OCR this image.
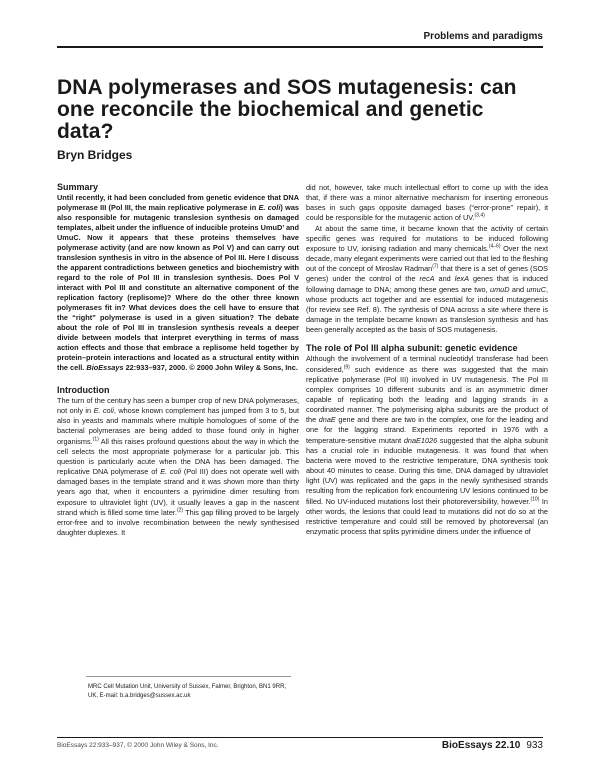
Problems and paradigms
DNA polymerases and SOS mutagenesis: can one reconcile the biochemical and genetic data?
Bryn Bridges
Summary

Until recently, it had been concluded from genetic evidence that DNA polymerase III (Pol III, the main replicative polymerase in E. coli) was also responsible for mutagenic translesion synthesis on damaged templates, albeit under the influence of inducible proteins UmuD’ and UmuC. Now it appears that these proteins themselves have polymerase activity (and are now known as Pol V) and can carry out translesion synthesis in vitro in the absence of Pol III. Here I discuss the apparent contradictions between genetics and biochemistry with regard to the role of Pol III in translesion synthesis. Does Pol V interact with Pol III and constitute an alternative component of the replication factory (replisome)? Where do the other three known polymerases fit in? What devices does the cell have to ensure that the “right” polymerase is used in a given situation? The debate about the role of Pol III in translesion synthesis reveals a deeper divide between models that interpret everything in terms of mass action effects and those that embrace a replisome held together by protein–protein interactions and located as a structural entity within the cell. BioEssays 22:933–937, 2000. © 2000 John Wiley & Sons, Inc.

Introduction

The turn of the century has seen a bumper crop of new DNA polymerases, not only in E. coli, whose known complement has jumped from 3 to 5, but also in yeasts and mammals where multiple homologues of some of the bacterial polymerases are being added to those found only in higher organisms.$^{(1)}$ All this raises profound questions about the way in which the cell selects the most appropriate polymerase for a particular job. This question is particularly acute when the DNA has been damaged. The replicative DNA polymerase of E. coli (Pol III) does not operate well with damaged bases in the template strand and it was shown more than thirty years ago that, when it encounters a pyrimidine dimer resulting from exposure to ultraviolet light (UV), it usually leaves a gap in the nascent strand which is filled some time later.$^{(2)}$ This gap filling proved to be largely error-free and to involve recombination between the newly synthesised daughter duplexes. It

MRC Cell Mutation Unit, University of Sussex, Falmer, Brighton, BN1 9RR, UK. E-mail: b.a.bridges@sussex.ac.uk

did not, however, take much intellectual effort to come up with the idea that, if there was a minor alternative mechanism for inserting erroneous bases in such gaps opposite damaged bases (“error-prone” repair), it could be responsible for the mutagenic action of UV.$^{(3,4)}$

At about the same time, it became known that the activity of certain specific genes was required for mutations to be induced following exposure to UV, ionising radiation and many chemicals.$^{(4-6)}$ Over the next decade, many elegant experiments were carried out that led to the fleshing out of the concept of Miroslav Radman$^{(7)}$ that there is a set of genes (SOS genes) under the control of the recA and lexA genes that is induced following damage to DNA; among these genes are two, umuD and umuC, whose products act together and are essential for induced mutagenesis (for review see Ref. 8). The synthesis of DNA across a site where there is damage in the template became known as translesion synthesis and has been generally accepted as the basis of SOS mutagenesis.

The role of Pol III alpha subunit: genetic evidence

Although the involvement of a terminal nucleotidyl transferase had been considered,$^{(9)}$ such evidence as there was suggested that the main replicative polymerase (Pol III) involved in UV mutagenesis. The Pol III complex comprises 10 different subunits and is an asymmetric dimer capable of replicating both the leading and lagging strands in a coordinated manner. The polymerising alpha subunits are the product of the dnaE gene and there are two in the complex, one for the leading and one for the lagging strand. Experiments reported in 1976 with a temperature-sensitive mutant dnaE1026 suggested that the alpha subunit has a crucial role in inducible mutagenesis. It was found that when bacteria were moved to the restrictive temperature, DNA synthesis took about 40 minutes to cease. During this time, DNA damaged by ultraviolet light (UV) was replicated and the gaps in the newly synthesised strands resulting from the replication fork encountering UV lesions continued to be filled. No UV-induced mutations lost their photoreversibility, however.$^{(10)}$ In other words, the lesions that could lead to mutations did not do so at the restrictive temperature and could still be removed by photoreversal (an enzymatic process that splits pyrimidine dimers under the influence of

BioEssays 22:933–937, © 2000 John Wiley & Sons, Inc.	BioEssays 22.10 933
